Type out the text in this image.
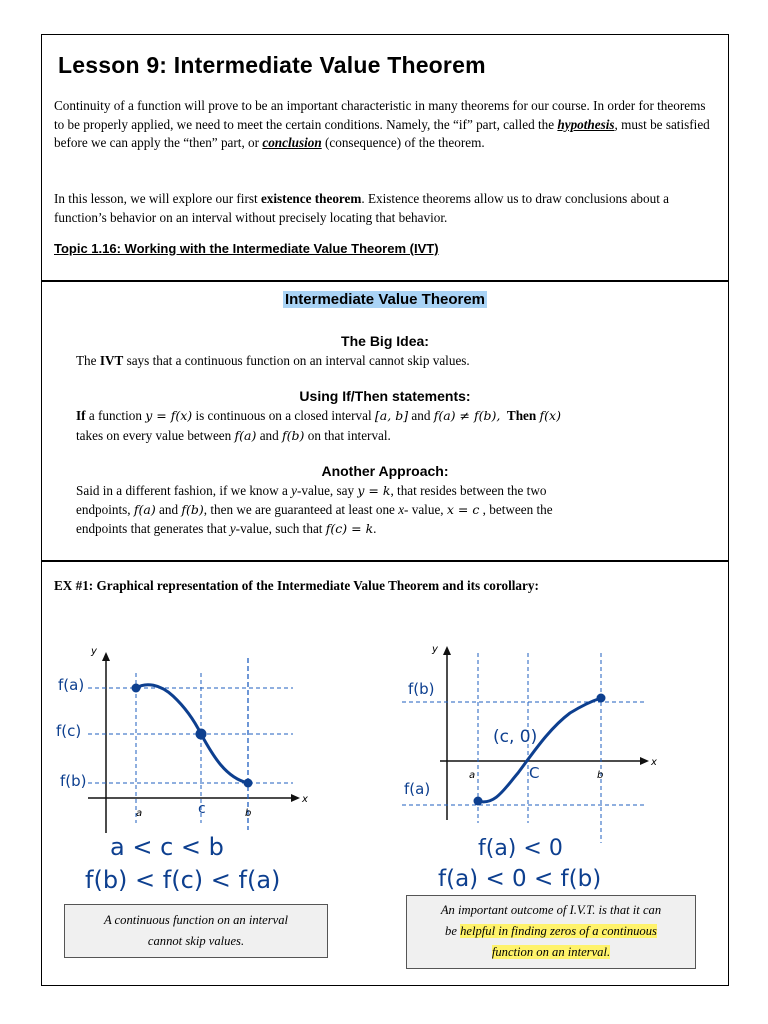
Lesson 9: Intermediate Value Theorem

Continuity of a function will prove to be an important characteristic in many theorems for our course. In order for theorems to be properly applied, we need to meet the certain conditions. Namely, the “if” part, called the hypothesis, must be satisfied before we can apply the “then” part, or conclusion (consequence) of the theorem.

In this lesson, we will explore our first existence theorem. Existence theorems allow us to draw conclusions about a function’s behavior on an interval without precisely locating that behavior.

Topic 1.16: Working with the Intermediate Value Theorem (IVT)
Intermediate Value Theorem
The Big Idea:

The IVT says that a continuous function on an interval cannot skip values.

Using If/Then statements:

If a function y = f(x) is continuous on a closed interval [a, b] and f(a) ≠ f(b), Then f(x)

takes on every value between f(a) and f(b) on that interval.

Another Approach:

Said in a different fashion, if we know a y-value, say y = k, that resides between the two

endpoints, f(a) and f(b), then we are guaranteed at least one x- value, x = c , between the

endpoints that generates that y-value, such that f(c) = k.

EX #1: Graphical representation of the Intermediate Value Theorem and its corollary:
y
x
f(a)
f(c)
f(b)
a	c	b
a < c < b
f(b) < f(c) < f(a)
y
x
f(b)
f(a)
(c, 0)
C
a	b
f(a) < 0
f(a) < 0 < f(b)
A continuous function on an interval
cannot skip values.
An important outcome of I.V.T. is that it can
be helpful in finding zeros of a continuous
function on an interval.
